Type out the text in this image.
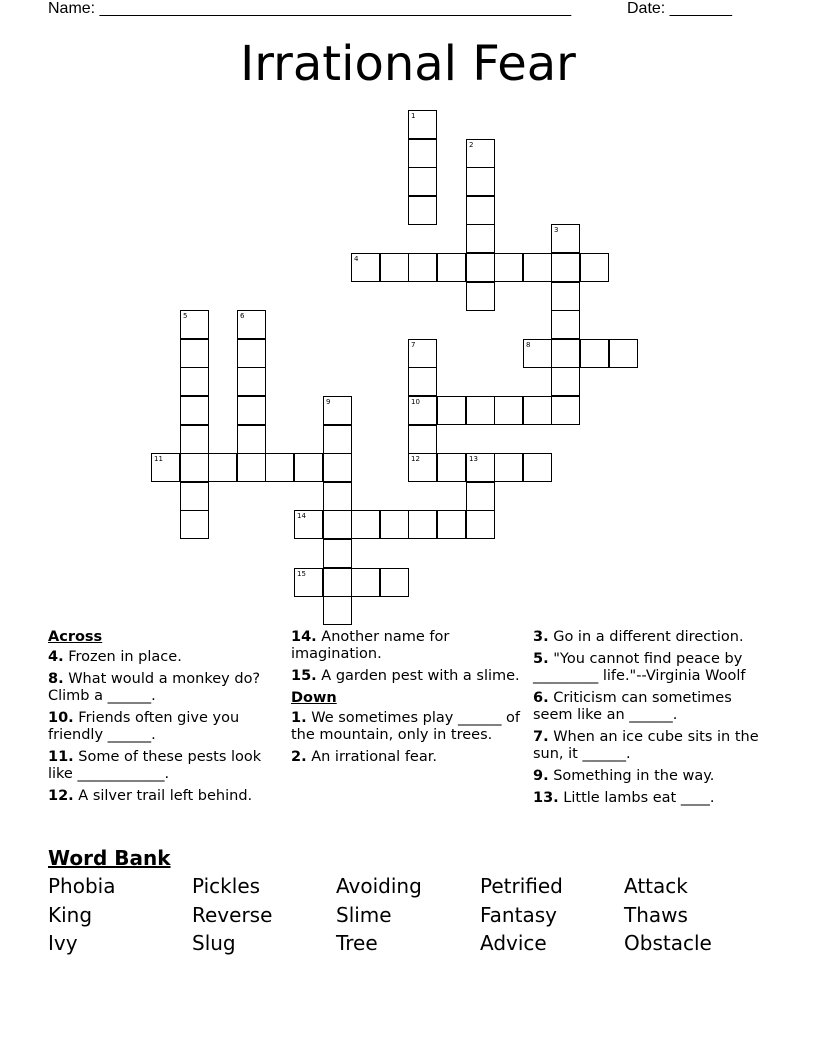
Name: _____________________________________________________	Date: _______
Irrational Fear
1
2
3
4
5	6
7
10
12
8
9
11	13
14
15
Across
4. Frozen in place.
8. What would a monkey do? Climb a ______.
10. Friends often give you friendly ______.
11. Some of these pests look like ____________.
12. A silver trail left behind.
14. Another name for imagination.
15. A garden pest with a slime.
Down
1. We sometimes play ______ of the mountain, only in trees.
2. An irrational fear.
3. Go in a different direction.
5. "You cannot find peace by _________ life."--Virginia Woolf
6. Criticism can sometimes seem like an ______.
7. When an ice cube sits in the sun, it ______.
9. Something in the way.
13. Little lambs eat ____.
Word Bank
Phobia	Pickles	Avoiding	Petrified	Attack
King	Reverse	Slime	Fantasy	Thaws
Ivy	Slug	Tree	Advice	Obstacle
